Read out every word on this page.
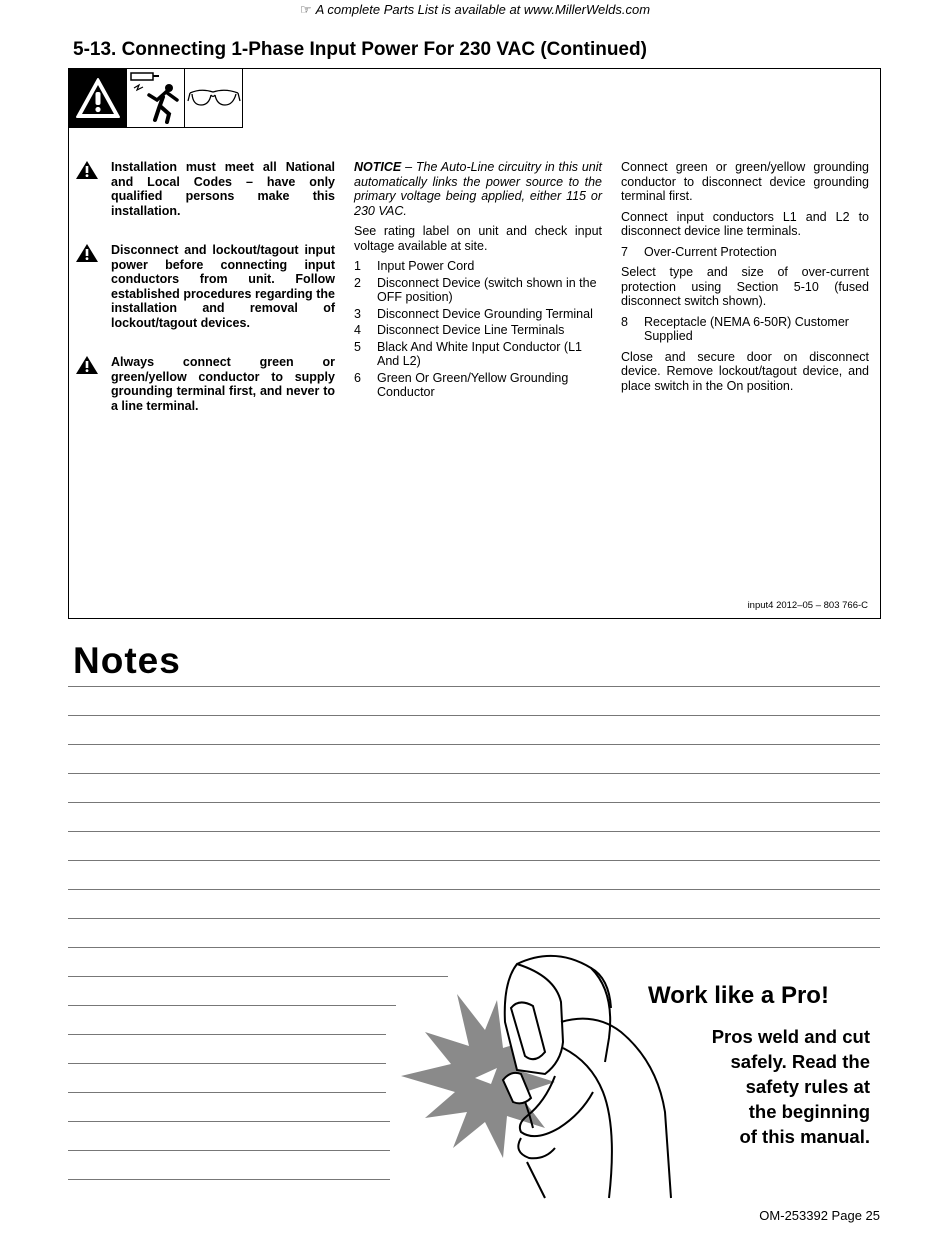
☞ A complete Parts List is available at www.MillerWelds.com
5-13. Connecting 1-Phase Input Power For 230 VAC (Continued)
Installation must meet all National and Local Codes – have only qualified persons make this installation.
Disconnect and lockout/tagout input power before connecting input conductors from unit. Follow established procedures regarding the installation and removal of lockout/tagout devices.
Always connect green or green/yellow conductor to supply grounding terminal first, and never to a line terminal.
NOTICE – The Auto-Line circuitry in this unit automatically links the power source to the primary voltage being applied, either 115 or 230 VAC.
See rating label on unit and check input voltage available at site.
1	Input Power Cord
2	Disconnect Device (switch shown in the OFF position)
3	Disconnect Device Grounding Terminal
4	Disconnect Device Line Terminals
5	Black And White Input Conductor (L1 And L2)
6	Green Or Green/Yellow Grounding Conductor
Connect green or green/yellow grounding conductor to disconnect device grounding terminal first.
Connect input conductors L1 and L2 to disconnect device line terminals.
7	Over-Current Protection
Select type and size of over-current protection using Section 5-10 (fused disconnect switch shown).
8	Receptacle (NEMA 6-50R) Customer Supplied
Close and secure door on disconnect device. Remove lockout/tagout device, and place switch in the On position.
input4 2012–05 – 803 766-C
Notes
Work like a Pro!
Pros weld and cut
safely. Read the
safety rules at
the beginning
of this manual.
OM-253392 Page 25
